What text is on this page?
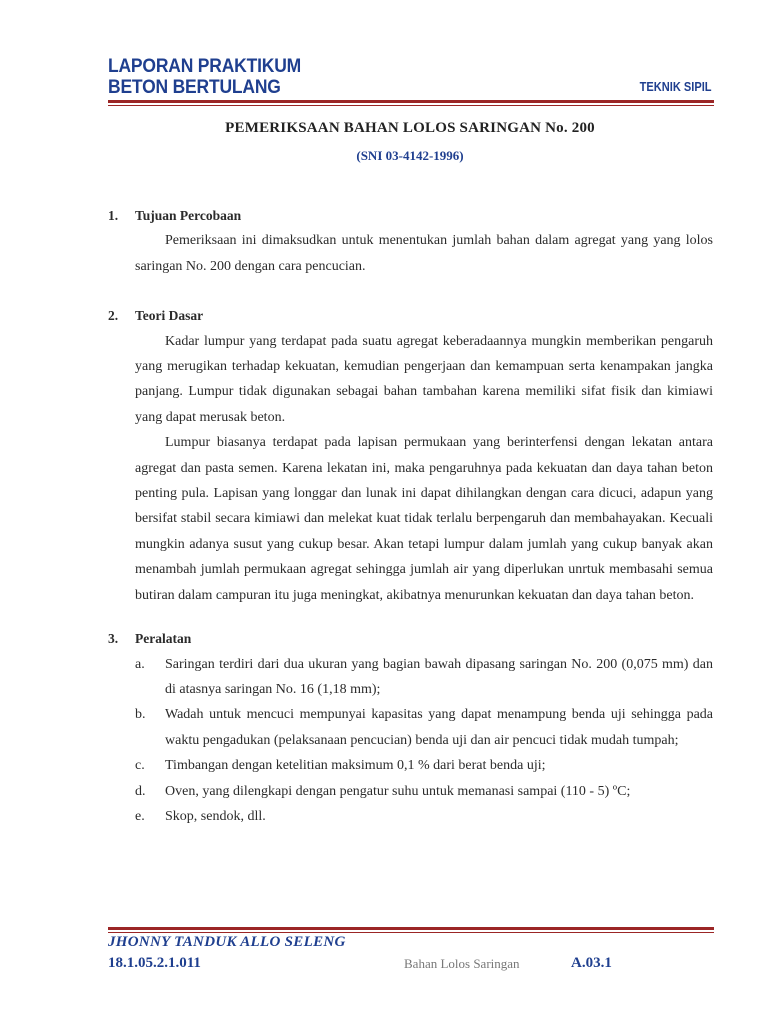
LAPORAN PRAKTIKUM
BETON BERTULANG	TEKNIK SIPIL
PEMERIKSAAN BAHAN LOLOS SARINGAN No. 200
(SNI 03-4142-1996)
1.	Tujuan Percobaan
Pemeriksaan ini dimaksudkan untuk menentukan jumlah bahan dalam agregat yang yang lolos saringan No. 200 dengan cara pencucian.
2.	Teori Dasar
Kadar lumpur yang terdapat pada suatu agregat keberadaannya mungkin memberikan pengaruh yang merugikan terhadap kekuatan, kemudian pengerjaan dan kemampuan serta kenampakan jangka panjang. Lumpur tidak digunakan sebagai bahan tambahan karena memiliki sifat fisik dan kimiawi yang dapat merusak beton.
Lumpur biasanya terdapat pada lapisan permukaan yang berinterfensi dengan lekatan antara agregat dan pasta semen. Karena lekatan ini, maka pengaruhnya pada kekuatan dan daya tahan beton penting pula. Lapisan yang longgar dan lunak ini dapat dihilangkan dengan cara dicuci, adapun yang bersifat stabil secara kimiawi dan melekat kuat tidak terlalu berpengaruh dan membahayakan. Kecuali mungkin adanya susut yang cukup besar. Akan tetapi lumpur dalam jumlah yang cukup banyak akan menambah jumlah permukaan agregat sehingga jumlah air yang diperlukan unrtuk membasahi semua butiran dalam campuran itu juga meningkat, akibatnya menurunkan kekuatan dan daya tahan beton.
3.	Peralatan
a.	Saringan terdiri dari dua ukuran yang bagian bawah dipasang saringan No. 200 (0,075 mm) dan di atasnya saringan No. 16 (1,18 mm);
b.	Wadah untuk mencuci mempunyai kapasitas yang dapat menampung benda uji sehingga pada waktu pengadukan (pelaksanaan pencucian) benda uji dan air pencuci tidak mudah tumpah;
c.	Timbangan dengan ketelitian maksimum 0,1 % dari berat benda uji;
d.	Oven, yang dilengkapi dengan pengatur suhu untuk memanasi sampai (110 - 5) ºC;
e.	Skop, sendok, dll.
JHONNY TANDUK ALLO SELENG
18.1.05.2.1.011	Bahan Lolos Saringan	A.03.1
